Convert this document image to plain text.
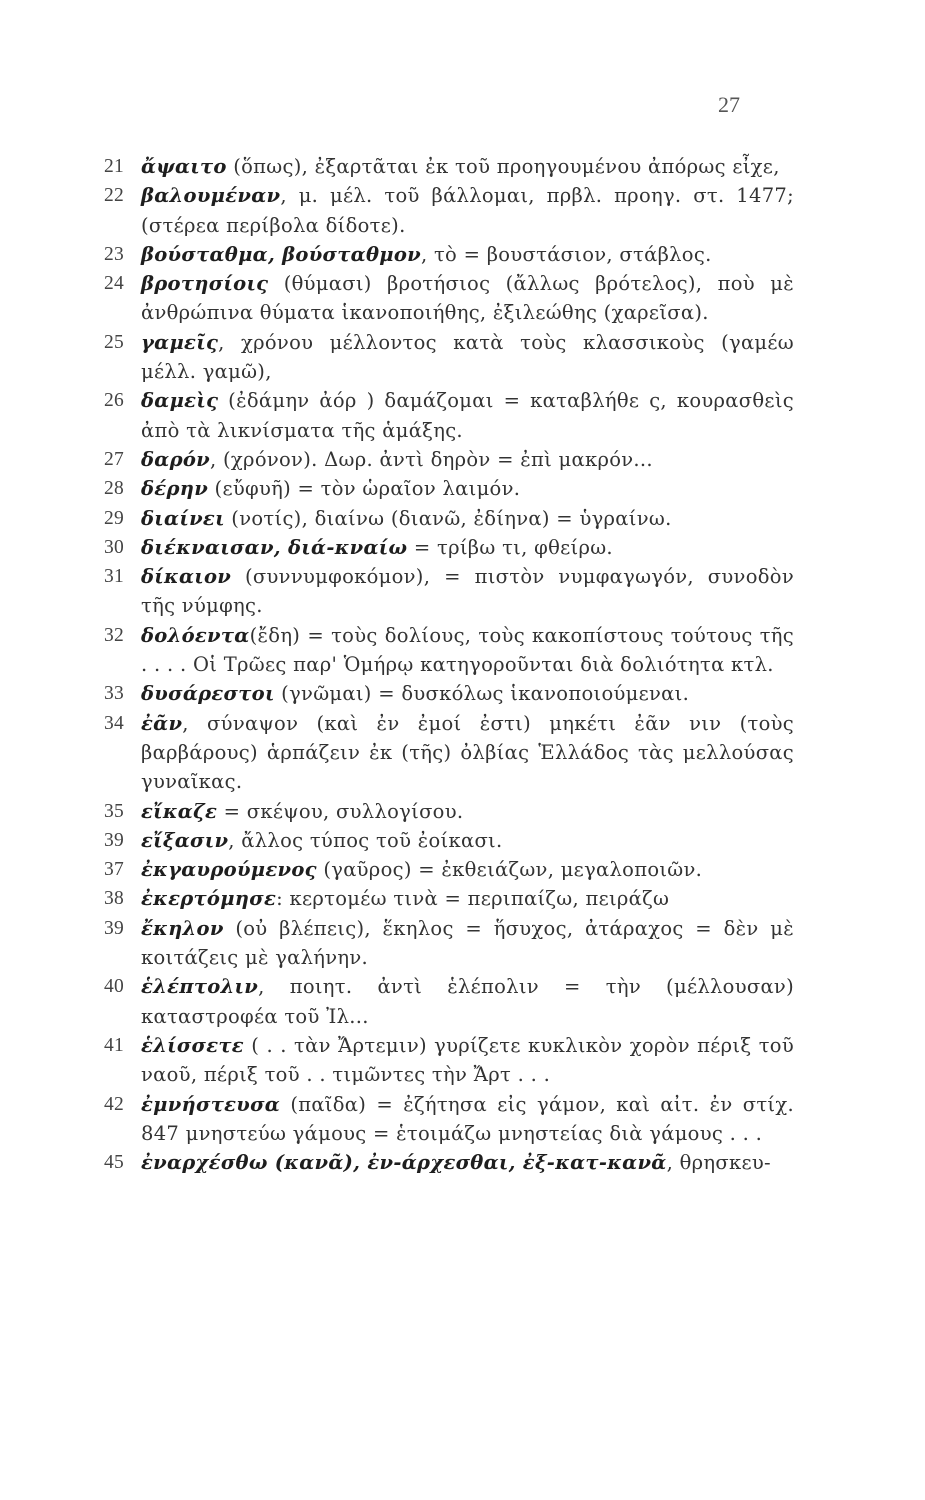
27
21 ἄψαιτο (ὅπως), ἐξαρτᾶται ἐκ τοῦ προηγουμένου ἀπόρως εἶχε,
22 βαλουμέναν, μ. μέλ. τοῦ βάλλομαι, πρβλ. προηγ. στ. 1477; (στέρεα περίβολα δίδοτε).
23 βούσταθμα, βούσταθμον, τὸ = βουστάσιον, στάβλος.
24 βροτησίοις (θύμασι) βροτήσιος (ἄλλως βρότελος), ποὺ μὲ ἀνθρώπινα θύματα ἱκανοποιήθης, ἐξιλεώθης (χαρεῖσα).
25 γαμεῖς, χρόνου μέλλοντος κατὰ τοὺς κλασσικοὺς (γαμέω μέλλ. γαμῶ),
26 δαμεὶς (ἐδάμην ἀόρ ) δαμάζομαι = καταβλήθε ς, κουρασθεὶς ἀπὸ τὰ λικνίσματα τῆς ἁμάξης.
27 δαρόν, (χρόνον). Δωρ. ἀντὶ δηρὸν = ἐπὶ μακρόν...
28 δέρην (εὔφυῆ) = τὸν ὡραῖον λαιμόν.
29 διαίνει (νοτίς), διαίνω (διανῶ, ἐδίηνα) = ὑγραίνω.
30 διέκναισαν, διά-κναίω = τρίβω τι, φθείρω.
31 δίκαιον (συννυμφοκόμον), = πιστὸν νυμφαγωγόν, συνοδὸν τῆς νύμφης.
32 δολόεντα(ἔδη) = τοὺς δολίους, τοὺς κακοπίστους τούτους τῆς . . . . Οἱ Τρῶες παρ' Ὁμήρῳ κατηγοροῦνται διὰ δολιότητα κτλ.
33 δυσάρεστοι (γνῶμαι) = δυσκόλως ἱκανοποιούμεναι.
34 ἐᾶν, σύναψον (καὶ ἐν ἐμοί ἐστι) μηκέτι ἐᾶν νιν (τοὺς βαρβάρους) ἁρπάζειν ἐκ (τῆς) ὀλβίας Ἑλλάδος τὰς μελλούσας γυναῖκας.
35 εἴκαζε = σκέψου, συλλογίσου.
39 εἴξασιν, ἄλλος τύπος τοῦ ἐοίκασι.
37 ἐκγαυρούμενος (γαῦρος) = ἐκθειάζων, μεγαλοποιῶν.
38 ἐκερτόμησε: κερτομέω τινὰ = περιπαίζω, πειράζω
39 ἔκηλον (οὐ βλέπεις), ἕκηλος = ἥσυχος, ἀτάραχος = δὲν μὲ κοιτάζεις μὲ γαλήνην.
40 ἑλέπτολιν, ποιητ. ἀντὶ ἑλέπολιν = τὴν (μέλλουσαν) καταστροφέα τοῦ Ἰλ...
41 ἑλίσσετε ( . . τὰν Ἄρτεμιν) γυρίζετε κυκλικὸν χορὸν πέριξ τοῦ ναοῦ, πέριξ τοῦ . . τιμῶντες τὴν Ἄρτ . . .
42 ἐμνήστευσα (παῖδα) = ἐζήτησα εἰς γάμον, καὶ αἰτ. ἐν στίχ. 847 μνηστεύω γάμους = ἑτοιμάζω μνηστείας διὰ γάμους . . .
45 ἐναρχέσθω (κανᾶ), ἐν-άρχεσθαι, ἐξ-κατ-κανᾶ, θρησκευ-
